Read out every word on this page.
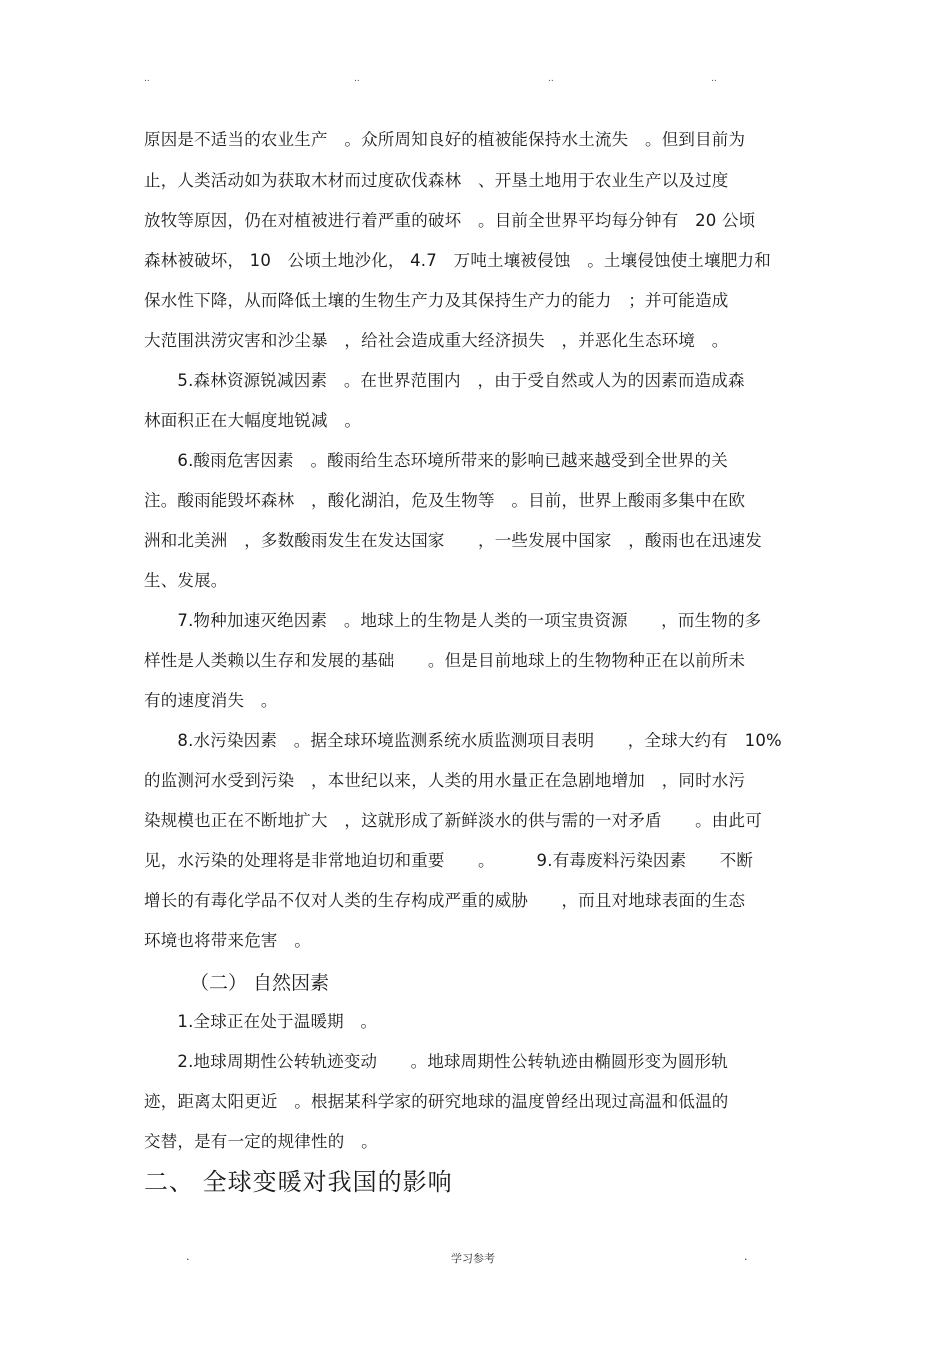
..	..	..	..
原因是不适当的农业生产　。众所周知良好的植被能保持水土流失　。但到目前为
止，人类活动如为获取木材而过度砍伐森林　、开垦土地用于农业生产以及过度
放牧等原因，仍在对植被进行着严重的破坏　。目前全世界平均每分钟有　20 公顷
森林被破坏， 10　公顷土地沙化， 4.7　万吨土壤被侵蚀　。土壤侵蚀使土壤肥力和
保水性下降，从而降低土壤的生物生产力及其保持生产力的能力　；并可能造成
大范围洪涝灾害和沙尘暴　，给社会造成重大经济损失　，并恶化生态环境　。
　　5.森林资源锐减因素　。在世界范围内　，由于受自然或人为的因素而造成森
林面积正在大幅度地锐减　。
　　6.酸雨危害因素　。酸雨给生态环境所带来的影响已越来越受到全世界的关
注。酸雨能毁坏森林　，酸化湖泊，危及生物等　。目前，世界上酸雨多集中在欧
洲和北美洲　，多数酸雨发生在发达国家　　，一些发展中国家　，酸雨也在迅速发
生、发展。
　　7.物种加速灭绝因素　。地球上的生物是人类的一项宝贵资源　　，而生物的多
样性是人类赖以生存和发展的基础　　。但是目前地球上的生物物种正在以前所未
有的速度消失　。
　　8.水污染因素　。据全球环境监测系统水质监测项目表明　　，全球大约有　10%
的监测河水受到污染　，本世纪以来，人类的用水量正在急剧地增加　，同时水污
染规模也正在不断地扩大　，这就形成了新鲜淡水的供与需的一对矛盾　　。由此可
见，水污染的处理将是非常地迫切和重要　　。　　　9.有毒废料污染因素　　不断
增长的有毒化学品不仅对人类的生存构成严重的威胁　　，而且对地球表面的生态
环境也将带来危害　。
（二） 自然因素
　　1.全球正在处于温暖期　。
　　2.地球周期性公转轨迹变动　　。地球周期性公转轨迹由椭圆形变为圆形轨
迹，距离太阳更近　。根据某科学家的研究地球的温度曾经出现过高温和低温的
交替，是有一定的规律性的　。
二、 全球变暖对我国的影响
.	学习参考	.
